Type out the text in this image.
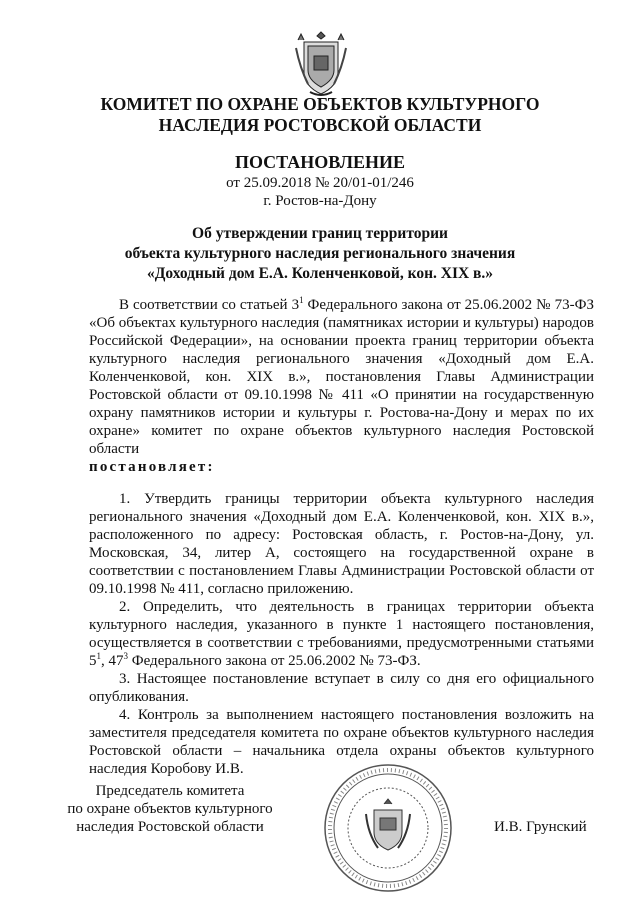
КОМИТЕТ ПО ОХРАНЕ ОБЪЕКТОВ КУЛЬТУРНОГО
НАСЛЕДИЯ РОСТОВСКОЙ ОБЛАСТИ
ПОСТАНОВЛЕНИЕ
от 25.09.2018 № 20/01-01/246
г. Ростов-на-Дону
Об утверждении границ территории
объекта культурного наследия регионального значения
«Доходный дом Е.А. Коленченковой, кон. XIX в.»

В соответствии со статьей $3^1$ Федерального закона от 25.06.2002 № 73-ФЗ «Об объектах культурного наследия (памятниках истории и культуры) народов Российской Федерации», на основании проекта границ территории объекта культурного наследия регионального значения «Доходный дом Е.А. Коленченковой, кон. XIX в.», постановления Главы Администрации Ростовской области от 09.10.1998 № 411 «О принятии на государственную охрану памятников истории и культуры г. Ростова-на-Дону и мерах по их охране» комитет по охране объектов культурного наследия Ростовской области

постановляет:

1. Утвердить границы территории объекта культурного наследия регионального значения «Доходный дом Е.А. Коленченковой, кон. XIX в.», расположенного по адресу: Ростовская область, г. Ростов-на-Дону, ул. Московская, 34, литер А, состоящего на государственной охране в соответствии с постановлением Главы Администрации Ростовской области от 09.10.1998 № 411, согласно приложению.

2. Определить, что деятельность в границах территории объекта культурного наследия, указанного в пункте 1 настоящего постановления, осуществляется в соответствии с требованиями, предусмотренными статьями $5^1$, $47^3$ Федерального закона от 25.06.2002 № 73-ФЗ.

3. Настоящее постановление вступает в силу со дня его официального опубликования.

4. Контроль за выполнением настоящего постановления возложить на заместителя председателя комитета по охране объектов культурного наследия Ростовской области – начальника отдела охраны объектов культурного наследия Коробову И.В.

Председатель комитета
по охране объектов культурного
наследия Ростовской области	И.В. Грунский
